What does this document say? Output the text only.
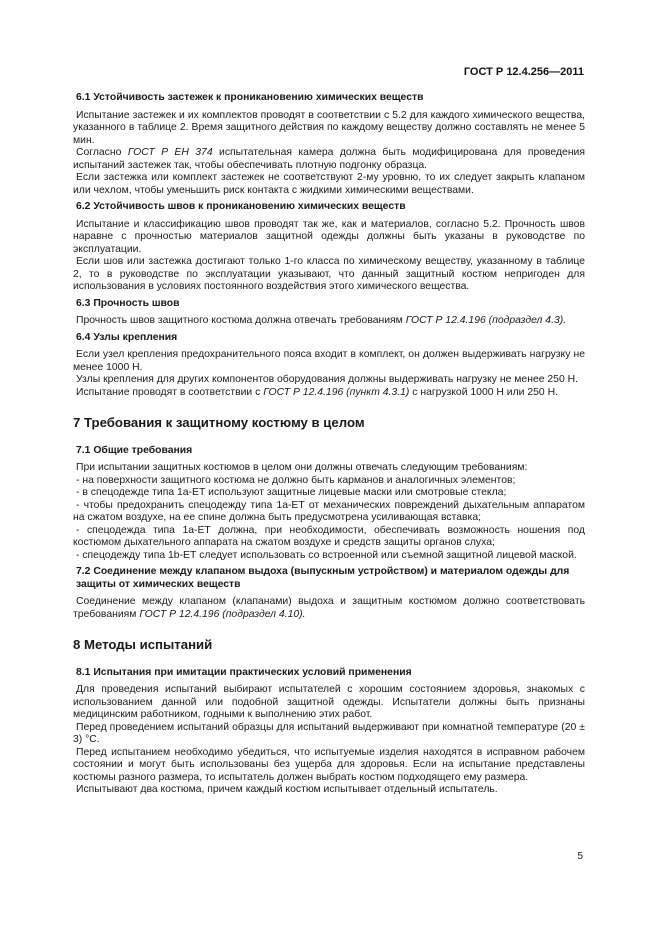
ГОСТ Р 12.4.256—2011
6.1 Устойчивость застежек к проникановению химических веществ

Испытание застежек и их комплектов проводят в соответствии с 5.2 для каждого химического вещества, указанного в таблице 2. Время защитного действия по каждому веществу должно составлять не менее 5 мин.

Согласно ГОСТ Р ЕН 374 испытательная камера должна быть модифицирована для проведения испытаний застежек так, чтобы обеспечивать плотную подгонку образца.

Если застежка или комплект застежек не соответствуют 2-му уровню, то их следует закрыть клапаном или чехлом, чтобы уменьшить риск контакта с жидкими химическими веществами.

6.2 Устойчивость швов к проникановению химических веществ

Испытание и классификацию швов проводят так же, как и материалов, согласно 5.2. Прочность швов наравне с прочностью материалов защитной одежды должны быть указаны в руководстве по эксплуатации.

Если шов или застежка достигают только 1-го класса по химическому веществу, указанному в таблице 2, то в руководстве по эксплуатации указывают, что данный защитный костюм непригоден для использования в условиях постоянного воздействия этого химического вещества.

6.3 Прочность швов

Прочность швов защитного костюма должна отвечать требованиям ГОСТ Р 12.4.196 (подраздел 4.3).

6.4 Узлы крепления

Если узел крепления предохранительного пояса входит в комплект, он должен выдерживать нагрузку не менее 1000 Н.

Узлы крепления для других компонентов оборудования должны выдерживать нагрузку не менее 250 Н.

Испытание проводят в соответствии с ГОСТ Р 12.4.196 (пункт 4.3.1) с нагрузкой 1000 Н или 250 Н.

7 Требования к защитному костюму в целом
7.1 Общие требования

При испытании защитных костюмов в целом они должны отвечать следующим требованиям:

- на поверхности защитного костюма не должно быть карманов и аналогичных элементов;

- в спецодежде типа 1а-ЕТ используют защитные лицевые маски или смотровые стекла;

- чтобы предохранить спецодежду типа 1а-ЕТ от механических повреждений дыхательным аппаратом на сжатом воздухе, на ее спине должна быть предусмотрена усиливающая вставка;

- спецодежда типа 1а-ЕТ должна, при необходимости, обеспечивать возможность ношения под костюмом дыхательного аппарата на сжатом воздухе и средств защиты органов слуха;

- спецодежду типа 1b-ЕТ следует использовать со встроенной или съемной защитной лицевой маской.

7.2 Соединение между клапаном выдоха (выпускным устройством) и материалом одежды для защиты от химических веществ

Соединение между клапаном (клапанами) выдоха и защитным костюмом должно соответствовать требованиям ГОСТ Р 12.4.196 (подраздел 4.10).

8 Методы испытаний
8.1 Испытания при имитации практических условий применения

Для проведения испытаний выбирают испытателей с хорошим состоянием здоровья, знакомых с использованием данной или подобной защитной одежды. Испытатели должны быть признаны медицинским работником, годными к выполнению этих работ.

Перед проведением испытаний образцы для испытаний выдерживают при комнатной температуре (20 ± 3) °С.

Перед испытанием необходимо убедиться, что испытуемые изделия находятся в исправном рабочем состоянии и могут быть использованы без ущерба для здоровья. Если на испытание представлены костюмы разного размера, то испытатель должен выбрать костюм подходящего ему размера.

Испытывают два костюма, причем каждый костюм испытывает отдельный испытатель.

5
